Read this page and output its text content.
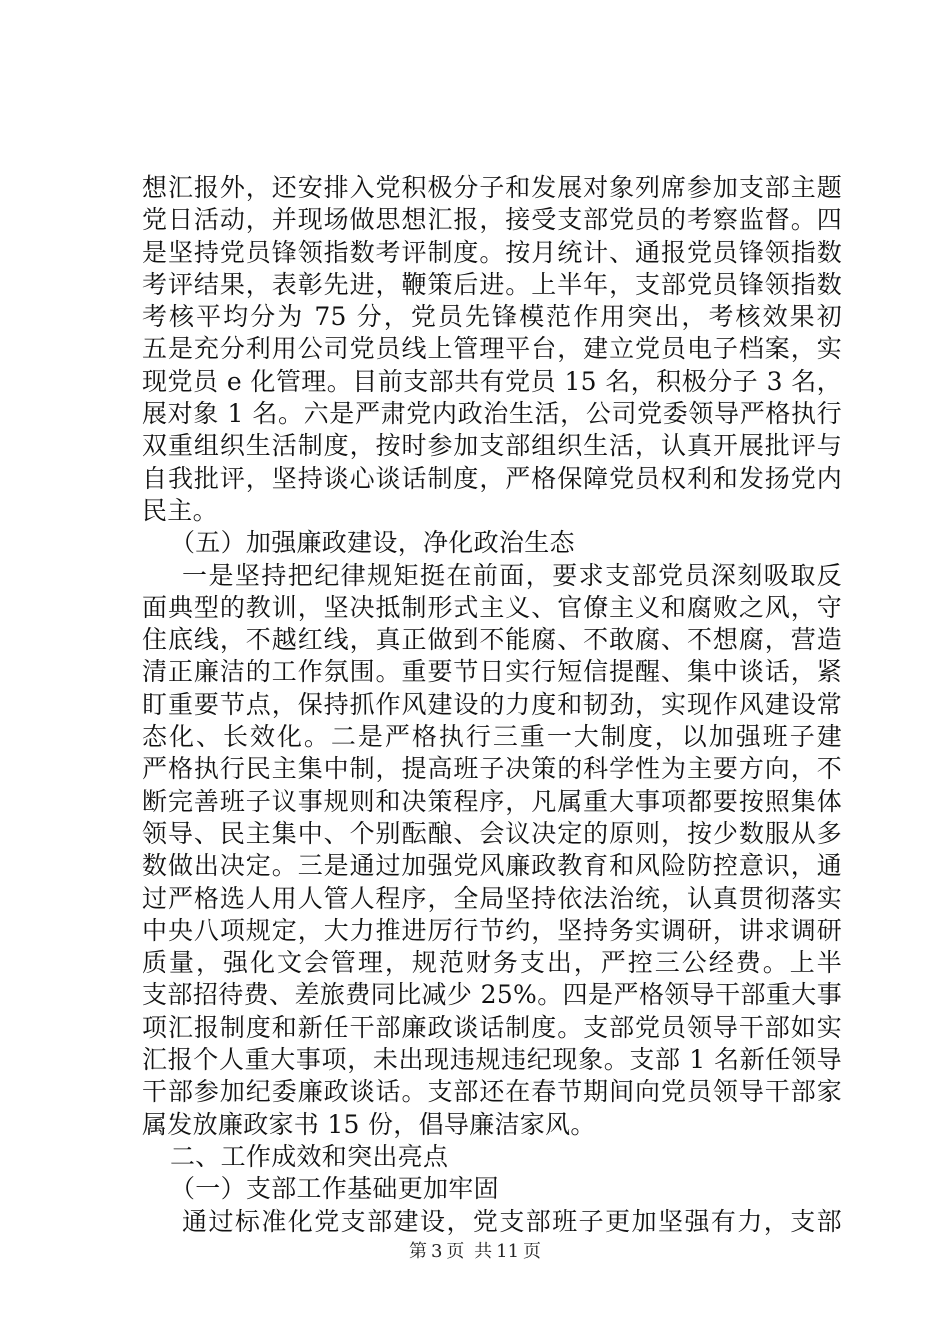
想汇报外，还安排入党积极分子和发展对象列席参加支部主题
党日活动，并现场做思想汇报，接受支部党员的考察监督。四
是坚持党员锋领指数考评制度。按月统计、通报党员锋领指数
考评结果，表彰先进，鞭策后进。上半年，支部党员锋领指数
考核平均分为 75 分，党员先锋模范作用突出，考核效果初
五是充分利用公司党员线上管理平台，建立党员电子档案，实
现党员 e 化管理。目前支部共有党员 15 名，积极分子 3 名，
展对象 1 名。六是严肃党内政治生活，公司党委领导严格执行
双重组织生活制度，按时参加支部组织生活，认真开展批评与
自我批评，坚持谈心谈话制度，严格保障党员权利和发扬党内
民主。
（五）加强廉政建设，净化政治生态
一是坚持把纪律规矩挺在前面，要求支部党员深刻吸取反
面典型的教训，坚决抵制形式主义、官僚主义和腐败之风，守
住底线，不越红线，真正做到不能腐、不敢腐、不想腐，营造
清正廉洁的工作氛围。重要节日实行短信提醒、集中谈话，紧
盯重要节点，保持抓作风建设的力度和韧劲，实现作风建设常
态化、长效化。二是严格执行三重一大制度，以加强班子建
严格执行民主集中制，提高班子决策的科学性为主要方向，不
断完善班子议事规则和决策程序，凡属重大事项都要按照集体
领导、民主集中、个别酝酿、会议决定的原则，按少数服从多
数做出决定。三是通过加强党风廉政教育和风险防控意识，通
过严格选人用人管人程序，全局坚持依法治统，认真贯彻落实
中央八项规定，大力推进厉行节约，坚持务实调研，讲求调研
质量，强化文会管理，规范财务支出，严控三公经费。上半
支部招待费、差旅费同比减少 25%。四是严格领导干部重大事
项汇报制度和新任干部廉政谈话制度。支部党员领导干部如实
汇报个人重大事项，未出现违规违纪现象。支部 1 名新任领导
干部参加纪委廉政谈话。支部还在春节期间向党员领导干部家
属发放廉政家书 15 份，倡导廉洁家风。
二、工作成效和突出亮点
（一）支部工作基础更加牢固
通过标准化党支部建设，党支部班子更加坚强有力，支部
第 3 页 共 11 页
